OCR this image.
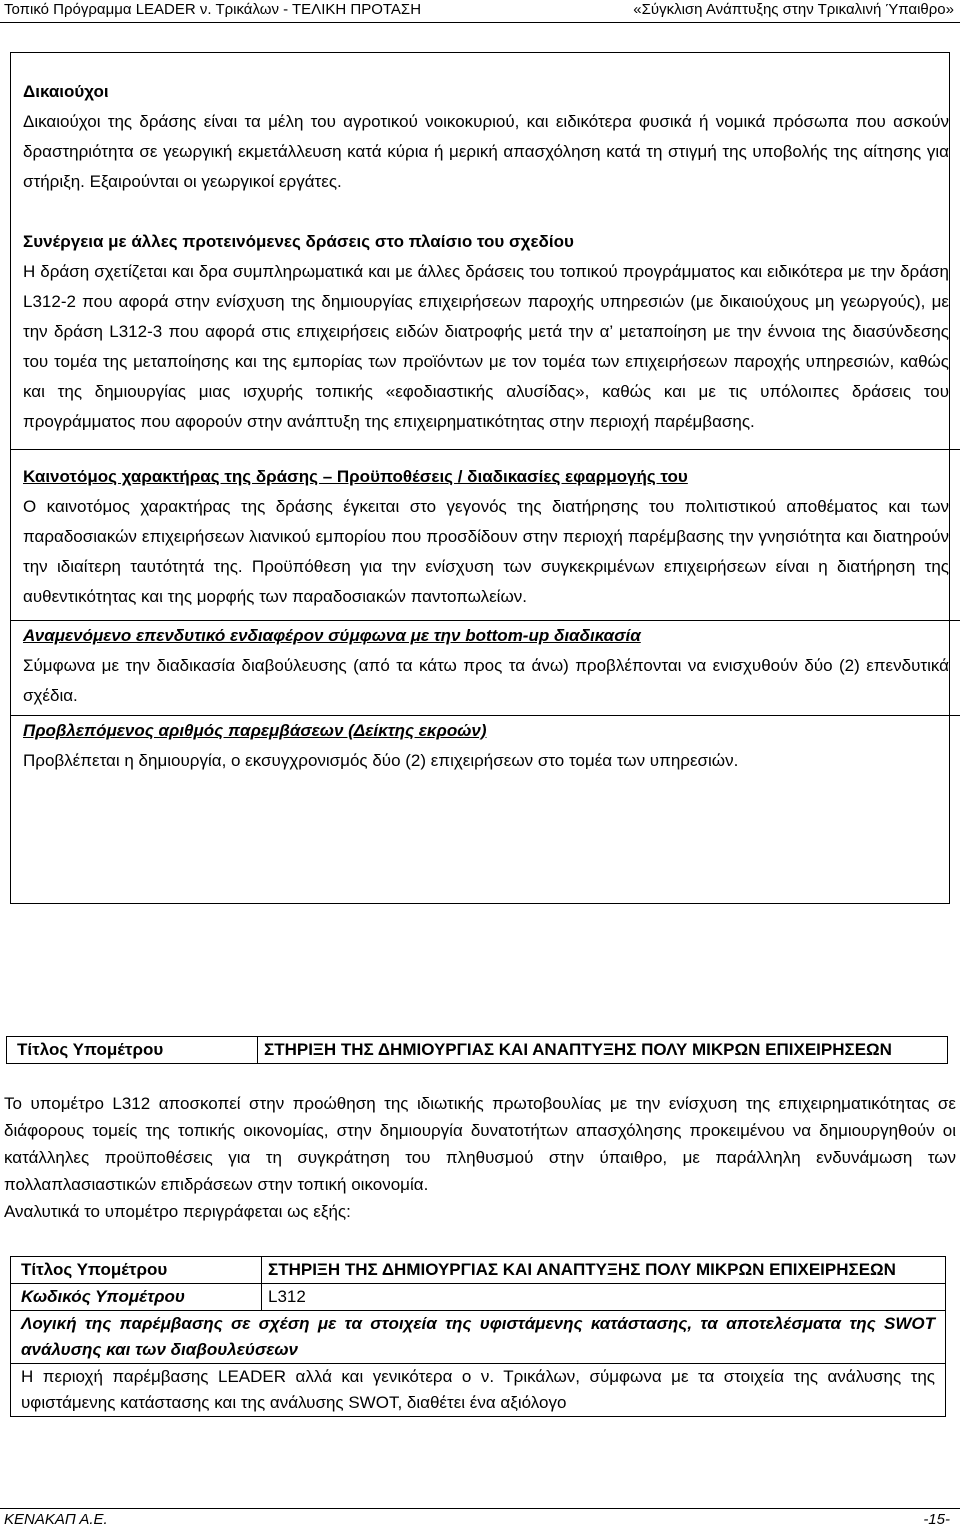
Τοπικό Πρόγραμμα LEADER ν. Τρικάλων - ΤΕΛΙΚΗ ΠΡΟΤΑΣΗ	«Σύγκλιση Ανάπτυξης στην Τρικαλινή Ύπαιθρο»
Δικαιούχοι

Δικαιούχοι της δράσης είναι τα μέλη του αγροτικού νοικοκυριού, και ειδικότερα φυσικά ή νομικά πρόσωπα που ασκούν δραστηριότητα σε γεωργική εκμετάλλευση κατά κύρια ή μερική απασχόληση κατά τη στιγμή της υποβολής της αίτησης για στήριξη. Εξαιρούνται οι γεωργικοί εργάτες.

Συνέργεια με άλλες προτεινόμενες δράσεις στο πλαίσιο του σχεδίου

Η δράση σχετίζεται και δρα συμπληρωματικά και με άλλες δράσεις του τοπικού προγράμματος και ειδικότερα με την δράση L312-2 που αφορά στην ενίσχυση της δημιουργίας επιχειρήσεων παροχής υπηρεσιών (με δικαιούχους μη γεωργούς), με την δράση L312-3 που αφορά στις επιχειρήσεις ειδών διατροφής μετά την α’ μεταποίηση με την έννοια της διασύνδεσης του τομέα της μεταποίησης και της εμπορίας των προϊόντων με τον τομέα των επιχειρήσεων παροχής υπηρεσιών, καθώς και της δημιουργίας μιας ισχυρής τοπικής «εφοδιαστικής αλυσίδας», καθώς και με τις υπόλοιπες δράσεις του προγράμματος που αφορούν στην ανάπτυξη της επιχειρηματικότητας στην περιοχή παρέμβασης.

Καινοτόμος χαρακτήρας της δράσης – Προϋποθέσεις / διαδικασίες εφαρμογής του

Ο καινοτόμος χαρακτήρας της δράσης έγκειται στο γεγονός της διατήρησης του πολιτιστικού αποθέματος και των παραδοσιακών επιχειρήσεων λιανικού εμπορίου που προσδίδουν στην περιοχή παρέμβασης την γνησιότητα και διατηρούν την ιδιαίτερη ταυτότητά της. Προϋπόθεση για την ενίσχυση των συγκεκριμένων επιχειρήσεων είναι η διατήρηση της αυθεντικότητας και της μορφής των παραδοσιακών παντοπωλείων.

Αναμενόμενο επενδυτικό ενδιαφέρον σύμφωνα με την bottom-up διαδικασία

Σύμφωνα με την διαδικασία διαβούλευσης (από τα κάτω προς τα άνω) προβλέπονται να ενισχυθούν δύο (2) επενδυτικά σχέδια.

Προβλεπόμενος αριθμός παρεμβάσεων (Δείκτης εκροών)

Προβλέπεται η δημιουργία, ο εκσυγχρονισμός δύο (2) επιχειρήσεων στο τομέα των υπηρεσιών.

Τίτλος Υπομέτρου	ΣΤΗΡΙΞΗ ΤΗΣ ΔΗΜΙΟΥΡΓΙΑΣ ΚΑΙ ΑΝΑΠΤΥΞΗΣ ΠΟΛΥ ΜΙΚΡΩΝ ΕΠΙΧΕΙΡΗΣΕΩΝ

Το υπομέτρο L312 αποσκοπεί στην προώθηση της ιδιωτικής πρωτοβουλίας με την ενίσχυση της επιχειρηματικότητας σε διάφορους τομείς της τοπικής οικονομίας, στην δημιουργία δυνατοτήτων απασχόλησης προκειμένου να δημιουργηθούν οι κατάλληλες προϋποθέσεις για τη συγκράτηση του πληθυσμού στην ύπαιθρο, με παράλληλη ενδυνάμωση των πολλαπλασιαστικών επιδράσεων στην τοπική οικονομία.

Αναλυτικά το υπομέτρο περιγράφεται ως εξής:

Τίτλος Υπομέτρου	ΣΤΗΡΙΞΗ ΤΗΣ ΔΗΜΙΟΥΡΓΙΑΣ ΚΑΙ ΑΝΑΠΤΥΞΗΣ ΠΟΛΥ ΜΙΚΡΩΝ ΕΠΙΧΕΙΡΗΣΕΩΝ
Κωδικός Υπομέτρου	L312
Λογική της παρέμβασης σε σχέση με τα στοιχεία της υφιστάμενης κατάστασης, τα αποτελέσματα της SWOT ανάλυσης και των διαβουλεύσεων	
Η περιοχή παρέμβασης LEADER αλλά και γενικότερα ο ν. Τρικάλων, σύμφωνα με τα στοιχεία της ανάλυσης της υφιστάμενης κατάστασης και της ανάλυσης SWOT, διαθέτει ένα αξιόλογο	
ΚΕΝΑΚΑΠ Α.Ε.	-15-
